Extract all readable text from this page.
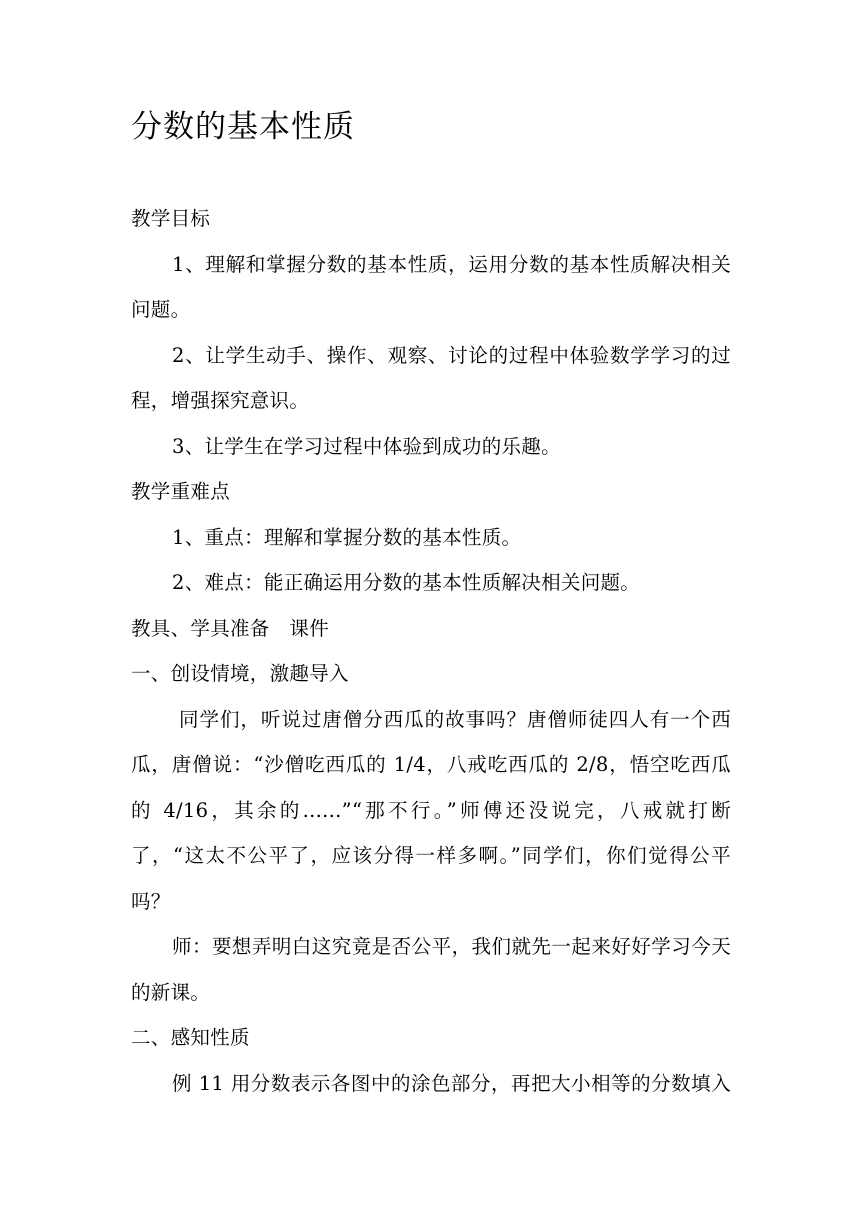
分数的基本性质
教学目标
1、理解和掌握分数的基本性质，运用分数的基本性质解决相关
问题。
2、让学生动手、操作、观察、讨论的过程中体验数学学习的过
程，增强探究意识。
3、让学生在学习过程中体验到成功的乐趣。
教学重难点
1、重点：理解和掌握分数的基本性质。
2、难点：能正确运用分数的基本性质解决相关问题。
教具、学具准备　课件
一、创设情境，激趣导入
同学们，听说过唐僧分西瓜的故事吗？唐僧师徒四人有一个西
瓜，唐僧说：“沙僧吃西瓜的 1/4，八戒吃西瓜的 2/8，悟空吃西瓜
的 4/16，其余的......”“那不行。”师傅还没说完，八戒就打断
了，“这太不公平了，应该分得一样多啊。”同学们，你们觉得公平
吗？
师：要想弄明白这究竟是否公平，我们就先一起来好好学习今天
的新课。
二、感知性质
例 11 用分数表示各图中的涂色部分，再把大小相等的分数填入
